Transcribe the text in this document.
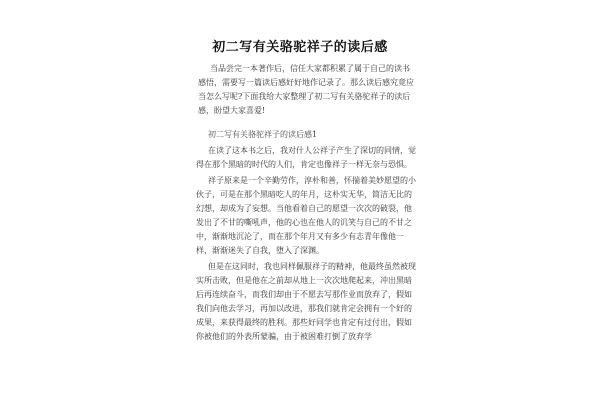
初二写有关骆驼祥子的读后感

当品尝完一本著作后，信任大家都积累了属于自己的读书感悟，需要写一篇读后感好好地作记录了。那么读后感究竟应当怎么写呢?下面我给大家整理了初二写有关骆驼祥子的读后感，盼望大家喜爱!

初二写有关骆驼祥子的读后感1

在读了这本书之后，我对什人公祥子产生了深切的同情，觉得在那个黑暗的时代的人们，肯定也像祥子一样无奈与恐惧。

祥子原来是一个辛勤劳作，淳朴和善，怀揣着美妙愿望的小伙子，可是在那个黑暗吃人的年月，这朴实无华，简洁无比的幻想，却成为了妄想。当他看着自己的愿望一次次的破裂，他发出了不甘的嘶吼声，他的心也在他人的讥笑与自己的不甘之中，渐渐地沉沦了，而在那个年月又有多少有志青年像他一样，渐渐迷失了自我，堕入了深渊。

但是在这同时，我也同样佩服祥子的精神，他最终虽然被现实所击败，但是他在之前却从地上一次次地爬起来，冲出黑暗后再连续奋斗，而我们却由于不愿去写那作业而放弃了，假如我们向他去学习，再加以改进，那我们就肯定会拥有一个好的成果，来获得最终的胜利。那些好同学也肯定有过付出，假如你被他们的外表所蒙骗，由于被困难打倒了放弃学
